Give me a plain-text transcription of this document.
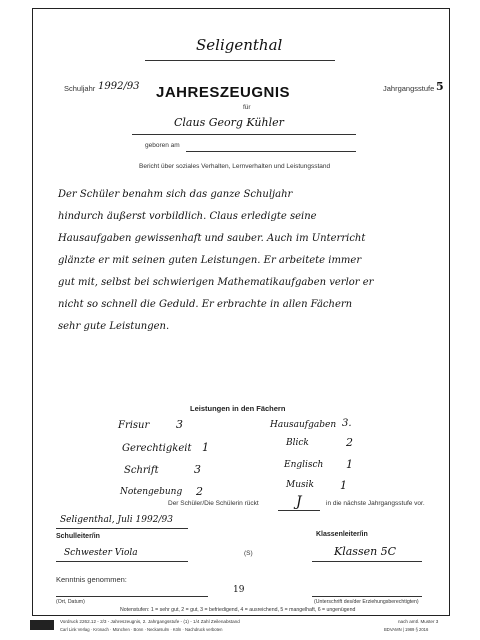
Seligenthal
Schuljahr 1992/93 JAHRESZEUGNIS	Jahrgangsstufe 5
für
Claus Georg Kühler
geboren am
Bericht über soziales Verhalten, Lernverhalten und Leistungsstand
Der Schüler benahm sich das ganze Schuljahr
hindurch äußerst vorbildlich. Claus erledigte seine
Hausaufgaben gewissenhaft und sauber. Auch im Unterricht
glänzte er mit seinen guten Leistungen. Er arbeitete immer
gut mit, selbst bei schwierigen Mathematikaufgaben verlor er
nicht so schnell die Geduld. Er erbrachte in allen Fächern
sehr gute Leistungen.
Leistungen in den Fächern
Frisur 3
Gerechtigkeit 1
Schrift	3
Notengebung 2
Hausaufgaben 3.
Blick	2
Englisch 1
Musik 1
Der Schüler/Die Schülerin rückt	J	in die nächste Jahrgangsstufe vor.
Seligenthal, Juli 1992/93
Schulleiter/in	Klassenleiter/in
Schwester Viola	(S)	Klassen 5C
Kenntnis genommen:
19
(Ort, Datum)	(Unterschrift des/der Erziehungsberechtigten)
Notenstufen: 1 = sehr gut, 2 = gut, 3 = befriedigend, 4 = ausreichend, 5 = mangelhaft, 6 = ungenügend
Vordruck 2262.12 - 2/3 - Jahreszeugnis, 2. Jahrgangsstufe - (1) - 1/4 Zahl Zeilenabstand
Carl Link Verlag · Kronach · München · Bonn · Neckarsulm · Köln · Nachdruck verboten
nach amtl. Muster 3
BDVAMN | 1989 § 2016
